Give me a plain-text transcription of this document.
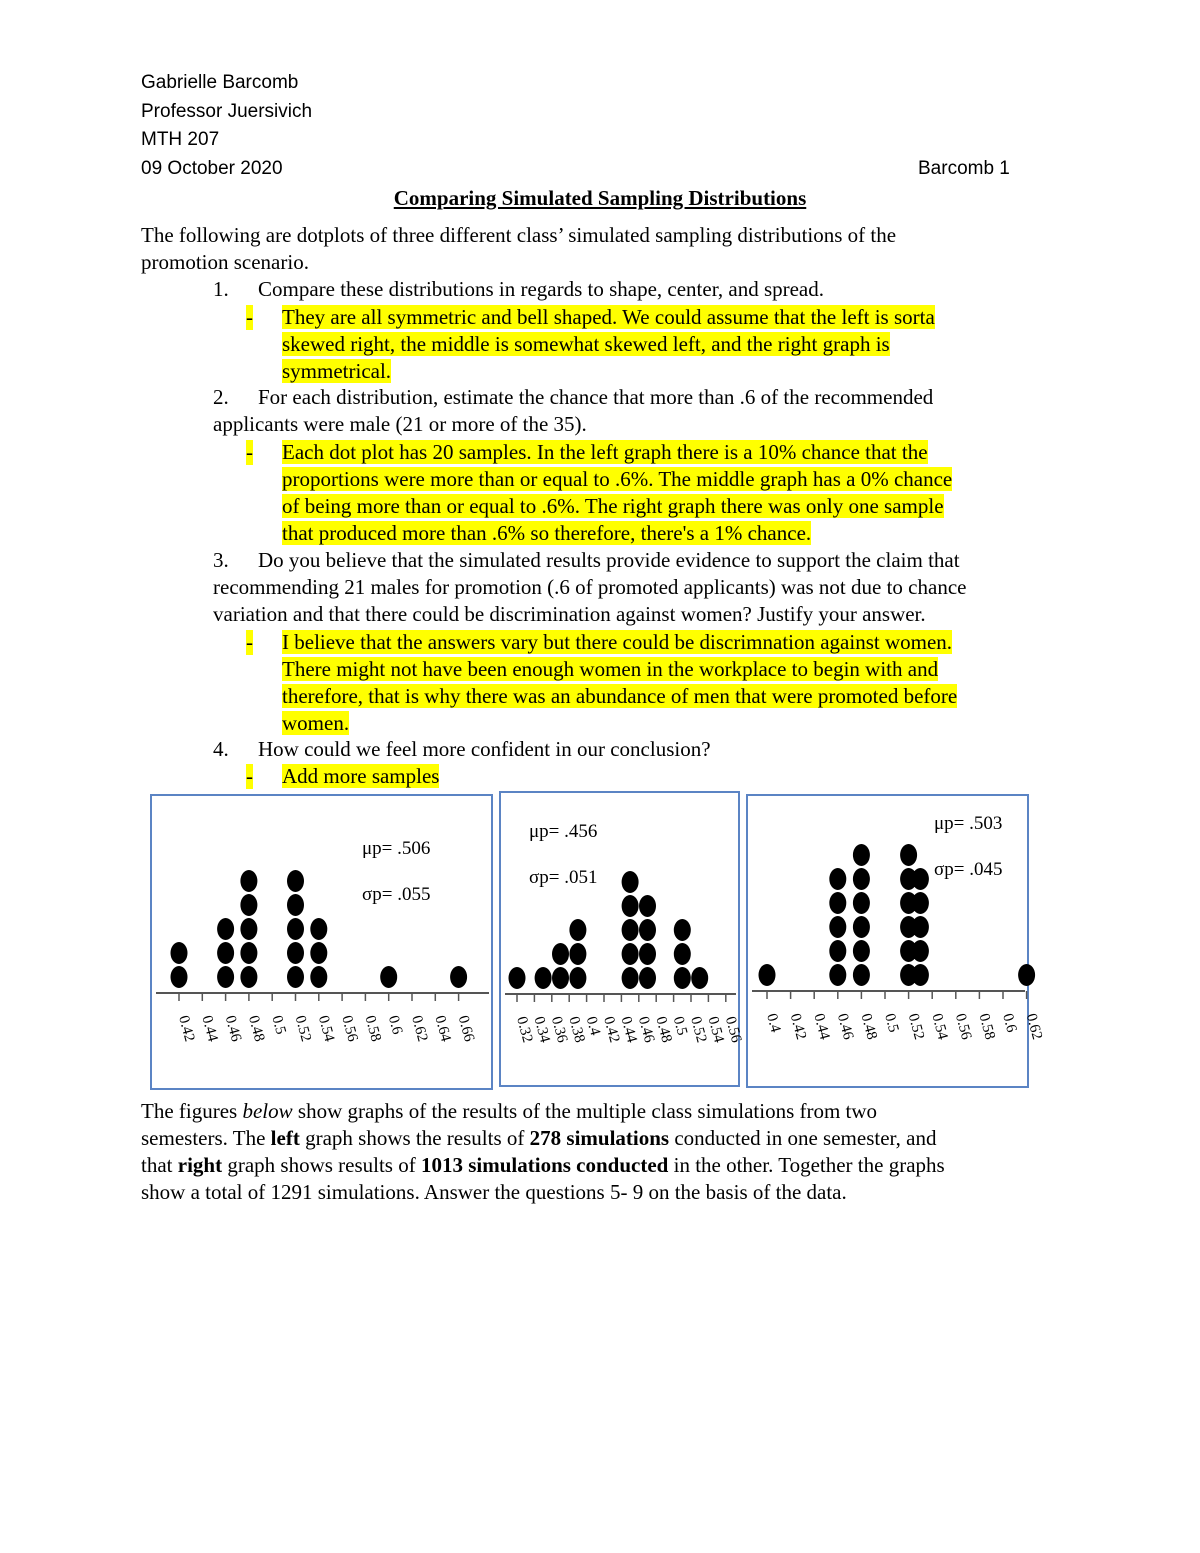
Gabrielle Barcomb
Professor Juersivich
MTH 207
09 October 2020	Barcomb 1
Comparing Simulated Sampling Distributions
The following are dotplots of three different class’ simulated sampling distributions of the
promotion scenario.
1. Compare these distributions in regards to shape, center, and spread.
- They are all symmetric and bell shaped. We could assume that the left is sorta
skewed right, the middle is somewhat skewed left, and the right graph is
symmetrical.
2. For each distribution, estimate the chance that more than .6 of the recommended
applicants were male (21 or more of the 35).
- Each dot plot has 20 samples. In the left graph there is a 10% chance that the
proportions were more than or equal to .6%. The middle graph has a 0% chance
of being more than or equal to .6%. The right graph there was only one sample
that produced more than .6% so therefore, there's a 1% chance.
3. Do you believe that the simulated results provide evidence to support the claim that
recommending 21 males for promotion (.6 of promoted applicants) was not due to chance
variation and that there could be discrimination against women? Justify your answer.
- I believe that the answers vary but there could be discrimnation against women.
There might not have been enough women in the workplace to begin with and
therefore, that is why there was an abundance of men that were promoted before
women.
4. How could we feel more confident in our conclusion?
- Add more samples
0.42 0.44 0.46 0.48 0.5 0.52 0.54 0.56 0.58 0.6 0.62 0.64 0.66
μp= .506
σp= .055
0.32
0.34
0.36
0.38
0.4
0.42
0.44
0.46
0.48
0.5
0.52
0.54
0.56
μp= .456
σp= .051
0.4 0.42 0.44 0.46 0.48 0.5 0.52 0.54 0.56 0.58 0.6 0.62
μp= .503
σp= .045
The figures below show graphs of the results of the multiple class simulations from two
semesters. The left graph shows the results of 278 simulations conducted in one semester, and
that right graph shows results of 1013 simulations conducted in the other. Together the graphs
show a total of 1291 simulations. Answer the questions 5- 9 on the basis of the data.
